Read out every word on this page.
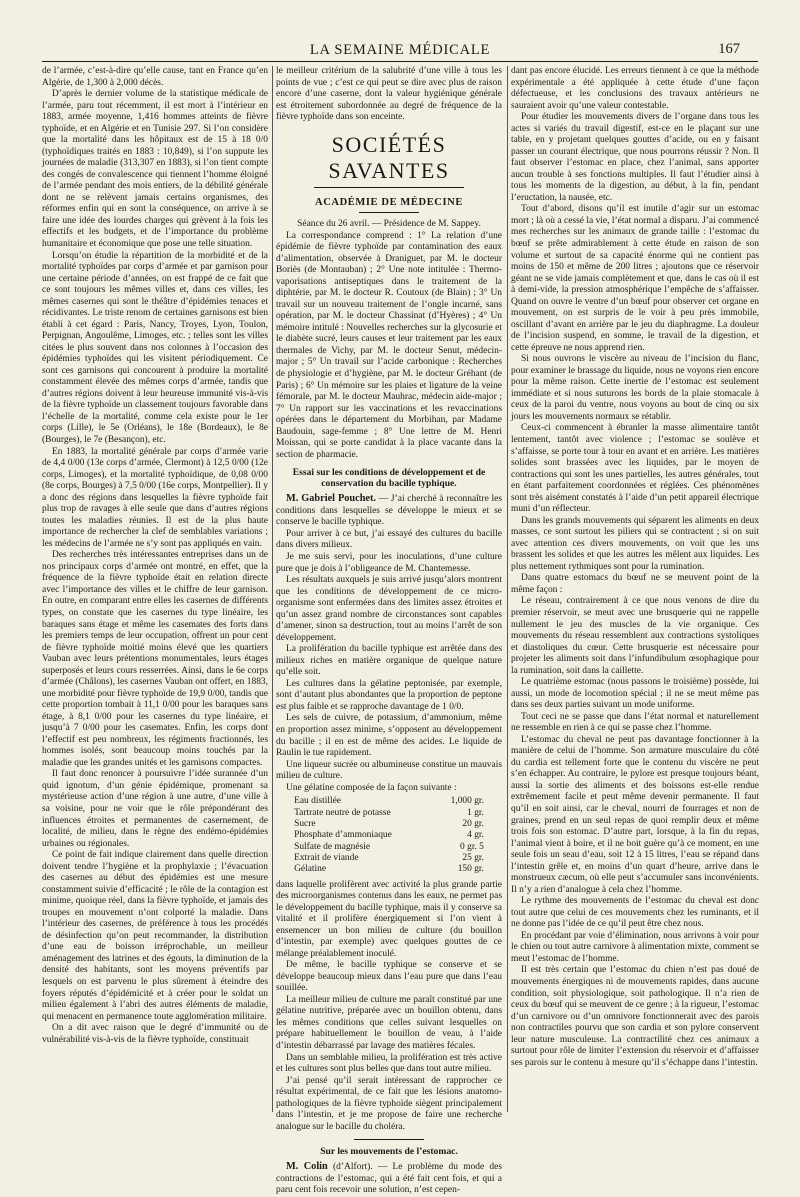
LA SEMAINE MÉDICALE	167

de l’armée, c’est-à-dire qu’elle cause, tant en France qu’en Algérie, de 1,300 à 2,000 décès.

D’après le dernier volume de la statistique médicale de l’armée, paru tout récemment, il est mort à l’intérieur en 1883, armée moyenne, 1,416 hommes atteints de fièvre typhoïde, et en Algérie et en Tunisie 297. Si l’on considère que la mortalité dans les hôpitaux est de 15 à 18 0/0 (typhoïdiques traités en 1883 : 10,849), si l’on suppute les journées de maladie (313,307 en 1883), si l’on tient compte des congés de convalescence qui tiennent l’homme éloigné de l’armée pendant des mois entiers, de la débilité générale dont ne se relèvent jamais certains organismes, des réformes enfin qui en sont la conséquence, on arrive à se faire une idée des lourdes charges qui grèvent à la fois les effectifs et les budgets, et de l’importance du problème humanitaire et économique que pose une telle situation.

Lorsqu’on étudie la répartition de la morbidité et de la mortalité typhoïdes par corps d’armée et par garnison pour une certaine période d’années, on est frappé de ce fait que ce sont toujours les mêmes villes et, dans ces villes, les mêmes casernes qui sont le théâtre d’épidémies tenaces et récidivantes. Le triste renom de certaines garnisons est bien établi à cet égard : Paris, Nancy, Troyes, Lyon, Toulon, Perpignan, Angoulême, Limoges, etc. ; telles sont les villes citées le plus souvent dans nos colonnes à l’occasion des épidémies typhoïdes qui les visitent périodiquement. Ce sont ces garnisons qui concourent à produire la mortalité constamment élevée des mêmes corps d’armée, tandis que d’autres régions doivent à leur heureuse immunité vis-à-vis de la fièvre typhoïde un classement toujours favorable dans l’échelle de la mortalité, comme cela existe pour le 1er corps (Lille), le 5e (Orléans), le 18e (Bordeaux), le 8e (Bourges), le 7e (Besançon), etc.

En 1883, la mortalité générale par corps d’armée varie de 4,4 0/00 (13e corps d’armée, Clermont) à 12,5 0/00 (12e corps, Limoges), et la mortalité typhoïdique, de 0,08 0/00 (8e corps, Bourges) à 7,5 0/00 (16e corps, Montpellier). Il y a donc des régions dans lesquelles la fièvre typhoïde fait plus trop de ravages à elle seule que dans d’autres régions toutes les maladies réunies. Il est de la plus haute importance de rechercher la clef de semblables variations ; les médecins de l’armée ne s’y sont pas appliqués en vain.

Des recherches très intéressantes entreprises dans un de nos principaux corps d’armée ont montré, en effet, que la fréquence de la fièvre typhoïde était en relation directe avec l’importance des villes et le chiffre de leur garnison. En outre, en comparant entre elles les casernes de différents types, on constate que les casernes du type linéaire, les baraques sans étage et même les casemates des forts dans les premiers temps de leur occupation, offrent un pour cent de fièvre typhoïde moitié moins élevé que les quartiers Vauban avec leurs prétentions monumentales, leurs étages superposés et leurs cours resserrées. Ainsi, dans le 6e corps d’armée (Châlons), les casernes Vauban ont offert, en 1883, une morbidité pour fièvre typhoïde de 19,9 0/00, tandis que cette proportion tombait à 11,1 0/00 pour les baraques sans étage, à 8,1 0/00 pour les casernes du type linéaire, et jusqu’à 7 0/00 pour les casemates. Enfin, les corps dont l’effectif est peu nombreux, les régiments fractionnés, les hommes isolés, sont beaucoup moins touchés par la maladie que les grandes unités et les garnisons compactes.

Il faut donc renoncer à poursuivre l’idée surannée d’un quid ignotum, d’un génie épidémique, promenant sa mystérieuse action d’une région à une autre, d’une ville à sa voisine, pour ne voir que le rôle prépondérant des influences étroites et permanentes de casernement, de localité, de milieu, dans le règne des endémo-épidémies urbaines ou régionales.

Ce point de fait indique clairement dans quelle direction doivent tendre l’hygiène et la prophylaxie ; l’évacuation des casernes au début des épidémies est une mesure constamment suivie d’efficacité ; le rôle de la contagion est minime, quoique réel, dans la fièvre typhoïde, et jamais des troupes en mouvement n’ont colporté la maladie. Dans l’intérieur des casernes, de préférence à tous les procédés de désinfection qu’on peut recommander, la distribution d’une eau de boisson irréprochable, un meilleur aménagement des latrines et des égouts, la diminution de la densité des habitants, sont les moyens préventifs par lesquels on est parvenu le plus sûrement à éteindre des foyers réputés d’épidémicité et à créer pour le soldat un milieu également à l’abri des autres éléments de maladie, qui menacent en permanence toute agglomération militaire.

On a dit avec raison que le degré d’immunité ou de vulnérabilité vis-à-vis de la fièvre typhoïde, constituait

le meilleur critérium de la salubrité d’une ville à tous les points de vue ; c’est ce qui peut se dire avec plus de raison encore d’une caserne, dont la valeur hygiénique générale est étroitement subordonnée au degré de fréquence de la fièvre typhoïde dans son enceinte.

SOCIÉTÉS SAVANTES
ACADÉMIE DE MÉDECINE

Séance du 26 avril. — Présidence de M. Sappey.

La correspondance comprend : 1° La relation d’une épidémie de fièvre typhoïde par contamination des eaux d’alimentation, observée à Draniguet, par M. le docteur Boriès (de Montauban) ; 2° Une note intitulée : Thermo-vaporisations antiseptiques dans le traitement de la diphtérie, par M. le docteur R. Coutoux (de Blain) ; 3° Un travail sur un nouveau traitement de l’ongle incarné, sans opération, par M. le docteur Chassinat (d’Hyères) ; 4° Un mémoire intitulé : Nouvelles recherches sur la glycosurie et le diabète sucré, leurs causes et leur traitement par les eaux thermales de Vichy, par M. le docteur Senut, médecin-major ; 5° Un travail sur l’acide carbonique : Recherches de physiologie et d’hygiène, par M. le docteur Gréhant (de Paris) ; 6° Un mémoire sur les plaies et ligature de la veine fémorale, par M. le docteur Mauhrac, médecin aide-major ; 7° Un rapport sur les vaccinations et les revaccinations opérées dans le département du Morbihan, par Madame Baudouin, sage-femme ; 8° Une lettre de M. Henri Moissan, qui se porte candidat à la place vacante dans la section de pharmacie.

Essai sur les conditions de développement et de conservation du bacille typhique.

M. Gabriel Pouchet. — J’ai cherché à reconnaître les conditions dans lesquelles se développe le mieux et se conserve le bacille typhique.

Pour arriver à ce but, j’ai essayé des cultures du bacille dans divers milieux.

Je me suis servi, pour les inoculations, d’une culture pure que je dois à l’obligeance de M. Chantemesse.

Les résultats auxquels je suis arrivé jusqu’alors montrent que les conditions de développement de ce micro-organisme sont enfermées dans des limites assez étroites et qu’un assez grand nombre de circonstances sont capables d’amener, sinon sa destruction, tout au moins l’arrêt de son développement.

La prolifération du bacille typhique est arrêtée dans des milieux riches en matière organique de quelque nature qu’elle soit.

Les cultures dans la gélatine peptonisée, par exemple, sont d’autant plus abondantes que la proportion de peptone est plus faible et se rapproche davantage de 1 0/0.

Les sels de cuivre, de potassium, d’ammonium, même en proportion assez minime, s’opposent au développement du bacille ; il en est de même des acides. Le liquide de Raulin le tue rapidement.

Une liqueur sucrée ou albumineuse constitue un mauvais milieu de culture.

Une gélatine composée de la façon suivante :

Eau distillée	1,000 gr.
Tartrate neutre de potasse	1 gr.
Sucre	20 gr.
Phosphate d’ammoniaque	4 gr.
Sulfate de magnésie	0 gr. 5
Extrait de viande	25 gr.
Gélatine	150 gr.

dans laquelle prolifèrent avec activité la plus grande partie des microorganismes contenus dans les eaux, ne permet pas le développement du bacille typhique, mais il y conserve sa vitalité et il prolifère énergiquement si l’on vient à ensemencer un bon milieu de culture (du bouillon d’intestin, par exemple) avec quelques gouttes de ce mélange préalablement inoculé.

De même, le bacille typhique se conserve et se développe beaucoup mieux dans l’eau pure que dans l’eau souillée.

La meilleur milieu de culture me paraît constitué par une gélatine nutritive, préparée avec un bouillon obtenu, dans les mêmes conditions que celles suivant lesquelles on prépare habituellement le bouillon de veau, à l’aide d’intestin débarrassé par lavage des matières fécales.

Dans un semblable milieu, la prolifération est très active et les cultures sont plus belles que dans tout autre milieu.

J’ai pensé qu’il serait intéressant de rapprocher ce résultat expérimental, de ce fait que les lésions anatomo-pathologiques de la fièvre typhoïde siègent principalement dans l’intestin, et je me propose de faire une recherche analogue sur le bacille du choléra.

Sur les mouvements de l’estomac.

M. Colin (d’Alfort). — Le problème du mode des contractions de l’estomac, qui a été fait cent fois, et qui a paru cent fois recevoir une solution, n’est cepen-

dant pas encore élucidé. Les erreurs tiennent à ce que la méthode expérimentale a été appliquée à cette étude d’une façon défectueuse, et les conclusions des travaux antérieurs ne sauraient avoir qu’une valeur contestable.

Pour étudier les mouvements divers de l’organe dans tous les actes si variés du travail digestif, est-ce en le plaçant sur une table, en y projetant quelques gouttes d’acide, ou en y faisant passer un courant électrique, que nous pourrons réussir ? Non. Il faut observer l’estomac en place, chez l’animal, sans apporter aucun trouble à ses fonctions multiples. Il faut l’étudier ainsi à tous les moments de la digestion, au début, à la fin, pendant l’eructation, la nausée, etc.

Tout d’abord, disons qu’il est inutile d’agir sur un estomac mort ; là où a cessé la vie, l’état normal a disparu. J’ai commencé mes recherches sur les animaux de grande taille : l’estomac du bœuf se prête admirablement à cette étude en raison de son volume et surtout de sa capacité énorme qui ne contient pas moins de 150 et même de 200 litres ; ajoutons que ce réservoir géant ne se vide jamais complètement et que, dans le cas où il est à demi-vide, la pression atmosphérique l’empêche de s’affaisser. Quand on ouvre le ventre d’un bœuf pour observer cet organe en mouvement, on est surpris de le voir à peu près immobile, oscillant d’avant en arrière par le jeu du diaphragme. La douleur de l’incision suspend, en somme, le travail de la digestion, et cette épreuve ne nous apprend rien.

Si nous ouvrons le viscère au niveau de l’incision du flanc, pour examiner le brassage du liquide, nous ne voyons rien encore pour la même raison. Cette inertie de l’estomac est seulement immédiate et si nous suturons les bords de la plaie stomacale à ceux de la paroi du ventre, nous voyons au bout de cinq ou six jours les mouvements normaux se rétablir.

Ceux-ci commencent à ébranler la masse alimentaire tantôt lentement, tantôt avec violence ; l’estomac se soulève et s’affaisse, se porte tour à tour en avant et en arrière. Les matières solides sont brassées avec les liquides, par le moyen de contractions qui sont les unes partielles, les autres générales, tout en étant parfaitement coordonnées et réglées. Ces phénomènes sont très aisément constatés à l’aide d’un petit appareil électrique muni d’un réflecteur.

Dans les grands mouvements qui séparent les aliments en deux masses, ce sont surtout les piliers qui se contractent ; si on suit avec attention ces divers mouvements, on voit que les uns brassent les solides et que les autres les mêlent aux liquides. Les plus nettement rythmiques sont pour la rumination.

Dans quatre estomacs du bœuf ne se meuvent point de la même façon :

Le réseau, contrairement à ce que nous venons de dire du premier réservoir, se meut avec une brusquerie qui ne rappelle nullement le jeu des muscles de la vie organique. Ces mouvements du réseau ressemblent aux contractions systoliques et diastoliques du cœur. Cette brusquerie est nécessaire pour projeter les aliments soit dans l’infundibulum œsophagique pour la rumination, soit dans la caillette.

Le quatrième estomac (nous passons le troisième) possède, lui aussi, un mode de locomotion spécial ; il ne se meut même pas dans ses deux parties suivant un mode uniforme.

Tout ceci ne se passe que dans l’état normal et naturellement ne ressemble en rien à ce qui se passe chez l’homme.

L’estomac du cheval ne peut pas davantage fonctionner à la manière de celui de l’homme. Son armature musculaire du côté du cardia est tellement forte que le contenu du viscère ne peut s’en échapper. Au contraire, le pylore est presque toujours béant, aussi la sortie des aliments et des boissons est-elle rendue extrêmement facile et peut même devenir permanente. Il faut qu’il en soit ainsi, car le cheval, nourri de fourrages et non de graines, prend en un seul repas de quoi remplir deux et même trois fois son estomac. D’autre part, lorsque, à la fin du repas, l’animal vient à boire, et il ne boit guère qu’à ce moment, en une seule fois un seau d’eau, soit 12 à 15 litres, l’eau se répand dans l’intestin grêle et, en moins d’un quart d’heure, arrive dans le monstrueux cæcum, où elle peut s’accumuler sans inconvénients. Il n’y a rien d’analogue à cela chez l’homme.

Le rythme des mouvements de l’estomac du cheval est donc tout autre que celui de ces mouvements chez les ruminants, et il ne donne pas l’idée de ce qu’il peut être chez nous.

En procédant par voie d’élimination, nous arrivons à voir pour le chien ou tout autre carnivore à alimentation mixte, comment se meut l’estomac de l’homme.

Il est très certain que l’estomac du chien n’est pas doué de mouvements énergiques ni de mouvements rapides, dans aucune condition, soit physiologique, soit pathologique. Il n’a rien de ceux du bœuf qui se meuvent de ce genre ; à la rigueur, l’estomac d’un carnivore ou d’un omnivore fonctionnerait avec des parois non contractiles pourvu que son cardia et son pylore conservent leur nature musculeuse. La contractilité chez ces animaux a surtout pour rôle de limiter l’extension du réservoir et d’affaisser ses parois sur le contenu à mesure qu’il s’échappe dans l’intestin.
